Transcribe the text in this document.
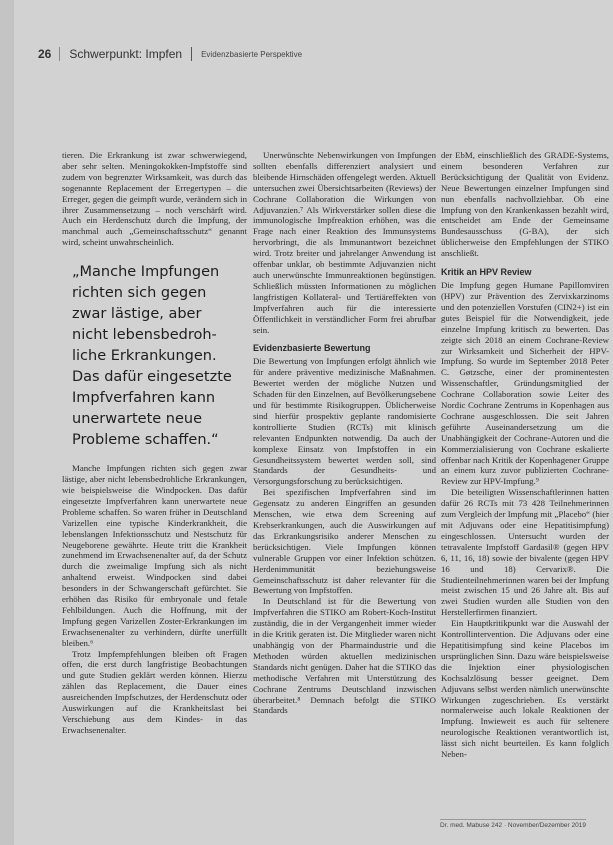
26	Schwerpunkt: Impfen	Evidenzbasierte Perspektive

tieren. Die Erkrankung ist zwar schwerwiegend, aber sehr selten. Meningokokken-Impfstoffe sind zudem von begrenzter Wirksamkeit, was durch das sogenannte Replacement der Erregertypen – die Erreger, gegen die geimpft wurde, verändern sich in ihrer Zusammensetzung – noch verschärft wird. Auch ein Herdenschutz durch die Impfung, der manchmal auch „Gemeinschaftsschutz“ genannt wird, scheint unwahrscheinlich.

„Manche Impfungen
richten sich gegen
zwar lästige, aber
nicht lebensbedroh-
liche Erkrankungen.
Das dafür eingesetzte
Impfverfahren kann
unerwartete neue
Probleme schaffen.“

Manche Impfungen richten sich gegen zwar lästige, aber nicht lebensbedrohliche Erkrankungen, wie beispielsweise die Windpocken. Das dafür eingesetzte Impfverfahren kann unerwartete neue Probleme schaffen. So waren früher in Deutschland Varizellen eine typische Kinderkrankheit, die lebenslangen Infektionsschutz und Nestschutz für Neugeborene gewährte. Heute tritt die Krankheit zunehmend im Erwachsenenalter auf, da der Schutz durch die zweimalige Impfung sich als nicht anhaltend erweist. Windpocken sind dabei besonders in der Schwangerschaft gefürchtet. Sie erhöhen das Risiko für embryonale und fetale Fehlbildungen. Auch die Hoffnung, mit der Impfung gegen Varizellen Zoster-Erkrankungen im Erwachsenenalter zu verhindern, dürfte unerfüllt bleiben.⁶

Trotz Impfempfehlungen bleiben oft Fragen offen, die erst durch langfristige Beobachtungen und gute Studien geklärt werden können. Hierzu zählen das Replacement, die Dauer eines ausreichenden Impfschutzes, der Herdenschutz oder Auswirkungen auf die Krankheitslast bei Verschiebung aus dem Kindes- in das Erwachsenenalter.

Unerwünschte Nebenwirkungen von Impfungen sollten ebenfalls differenziert analysiert und bleibende Hirnschäden offengelegt werden. Aktuell untersuchen zwei Übersichtsarbeiten (Reviews) der Cochrane Collaboration die Wirkungen von Adjuvanzien.⁷ Als Wirkverstärker sollen diese die immunologische Impfreaktion erhöhen, was die Frage nach einer Reaktion des Immunsystems hervorbringt, die als Immunantwort bezeichnet wird. Trotz breiter und jahrelanger Anwendung ist offenbar unklar, ob bestimmte Adjuvanzien nicht auch unerwünschte Immunreaktionen begünstigen. Schließlich müssten Informationen zu möglichen langfristigen Kollateral- und Tertiäreffekten von Impfverfahren auch für die interessierte Öffentlichkeit in verständlicher Form frei abrufbar sein.

Evidenzbasierte Bewertung

Die Bewertung von Impfungen erfolgt ähnlich wie für andere präventive medizinische Maßnahmen. Bewertet werden der mögliche Nutzen und Schaden für den Einzelnen, auf Bevölkerungsebene und für bestimmte Risikogruppen. Üblicherweise sind hierfür prospektiv geplante randomisierte kontrollierte Studien (RCTs) mit klinisch relevanten Endpunkten notwendig. Da auch der komplexe Einsatz von Impfstoffen in ein Gesundheitssystem bewertet werden soll, sind Standards der Gesundheits- und Versorgungsforschung zu berücksichtigen.

Bei spezifischen Impfverfahren sind im Gegensatz zu anderen Eingriffen an gesunden Menschen, wie etwa dem Screening auf Krebserkrankungen, auch die Auswirkungen auf das Erkrankungsrisiko anderer Menschen zu berücksichtigen. Viele Impfungen können vulnerable Gruppen vor einer Infektion schützen. Herdenimmunität beziehungsweise Gemeinschaftsschutz ist daher relevanter für die Bewertung von Impfstoffen.

In Deutschland ist für die Bewertung von Impfverfahren die STIKO am Robert-Koch-Institut zuständig, die in der Vergangenheit immer wieder in die Kritik geraten ist. Die Mitglieder waren nicht unabhängig von der Pharmaindustrie und die Methoden würden aktuellen medizinischen Standards nicht genügen. Daher hat die STIKO das methodische Verfahren mit Unterstützung des Cochrane Zentrums Deutschland inzwischen überarbeitet.⁸ Demnach befolgt die STIKO Standards

der EbM, einschließlich des GRADE-Systems, einem besonderen Verfahren zur Berücksichtigung der Qualität von Evidenz. Neue Bewertungen einzelner Impfungen sind nun ebenfalls nachvollziehbar. Ob eine Impfung von den Krankenkassen bezahlt wird, entscheidet am Ende der Gemeinsame Bundesausschuss (G-BA), der sich üblicherweise den Empfehlungen der STIKO anschließt.

Kritik an HPV Review

Die Impfung gegen Humane Papillomviren (HPV) zur Prävention des Zervixkarzinoms und den potenziellen Vorstufen (CIN2+) ist ein gutes Beispiel für die Notwendigkeit, jede einzelne Impfung kritisch zu bewerten. Das zeigte sich 2018 an einem Cochrane-Review zur Wirksamkeit und Sicherheit der HPV-Impfung. So wurde im September 2018 Peter C. Gøtzsche, einer der prominentesten Wissenschaftler, Gründungsmitglied der Cochrane Collaboration sowie Leiter des Nordic Cochrane Zentrums in Kopenhagen aus Cochrane ausgeschlossen. Die seit Jahren geführte Auseinandersetzung um die Unabhängigkeit der Cochrane-Autoren und die Kommerzialisierung von Cochrane eskalierte offenbar nach Kritik der Kopenhagener Gruppe an einem kurz zuvor publizierten Cochrane-Review zur HPV-Impfung.⁹

Die beteiligten Wissenschaftlerinnen hatten dafür 26 RCTs mit 73 428 Teilnehmerinnen zum Vergleich der Impfung mit „Placebo“ (hier mit Adjuvans oder eine Hepatitisimpfung) eingeschlossen. Untersucht wurden der tetravalente Impfstoff Gardasil® (gegen HPV 6, 11, 16, 18) sowie der bivalente (gegen HPV 16 und 18) Cervarix®. Die Studienteilnehmerinnen waren bei der Impfung meist zwischen 15 und 26 Jahre alt. Bis auf zwei Studien wurden alle Studien von den Herstellerfirmen finanziert.

Ein Hauptkritikpunkt war die Auswahl der Kontrollintervention. Die Adjuvans oder eine Hepatitisimpfung sind keine Placebos im ursprünglichen Sinn. Dazu wäre beispielsweise die Injektion einer physiologischen Kochsalzlösung besser geeignet. Dem Adjuvans selbst werden nämlich unerwünschte Wirkungen zugeschrieben. Es verstärkt normalerweise auch lokale Reaktionen der Impfung. Inwieweit es auch für seltenere neurologische Reaktionen verantwortlich ist, lässt sich nicht beurteilen. Es kann folglich Neben-

Dr. med. Mabuse 242 · November/Dezember 2019
